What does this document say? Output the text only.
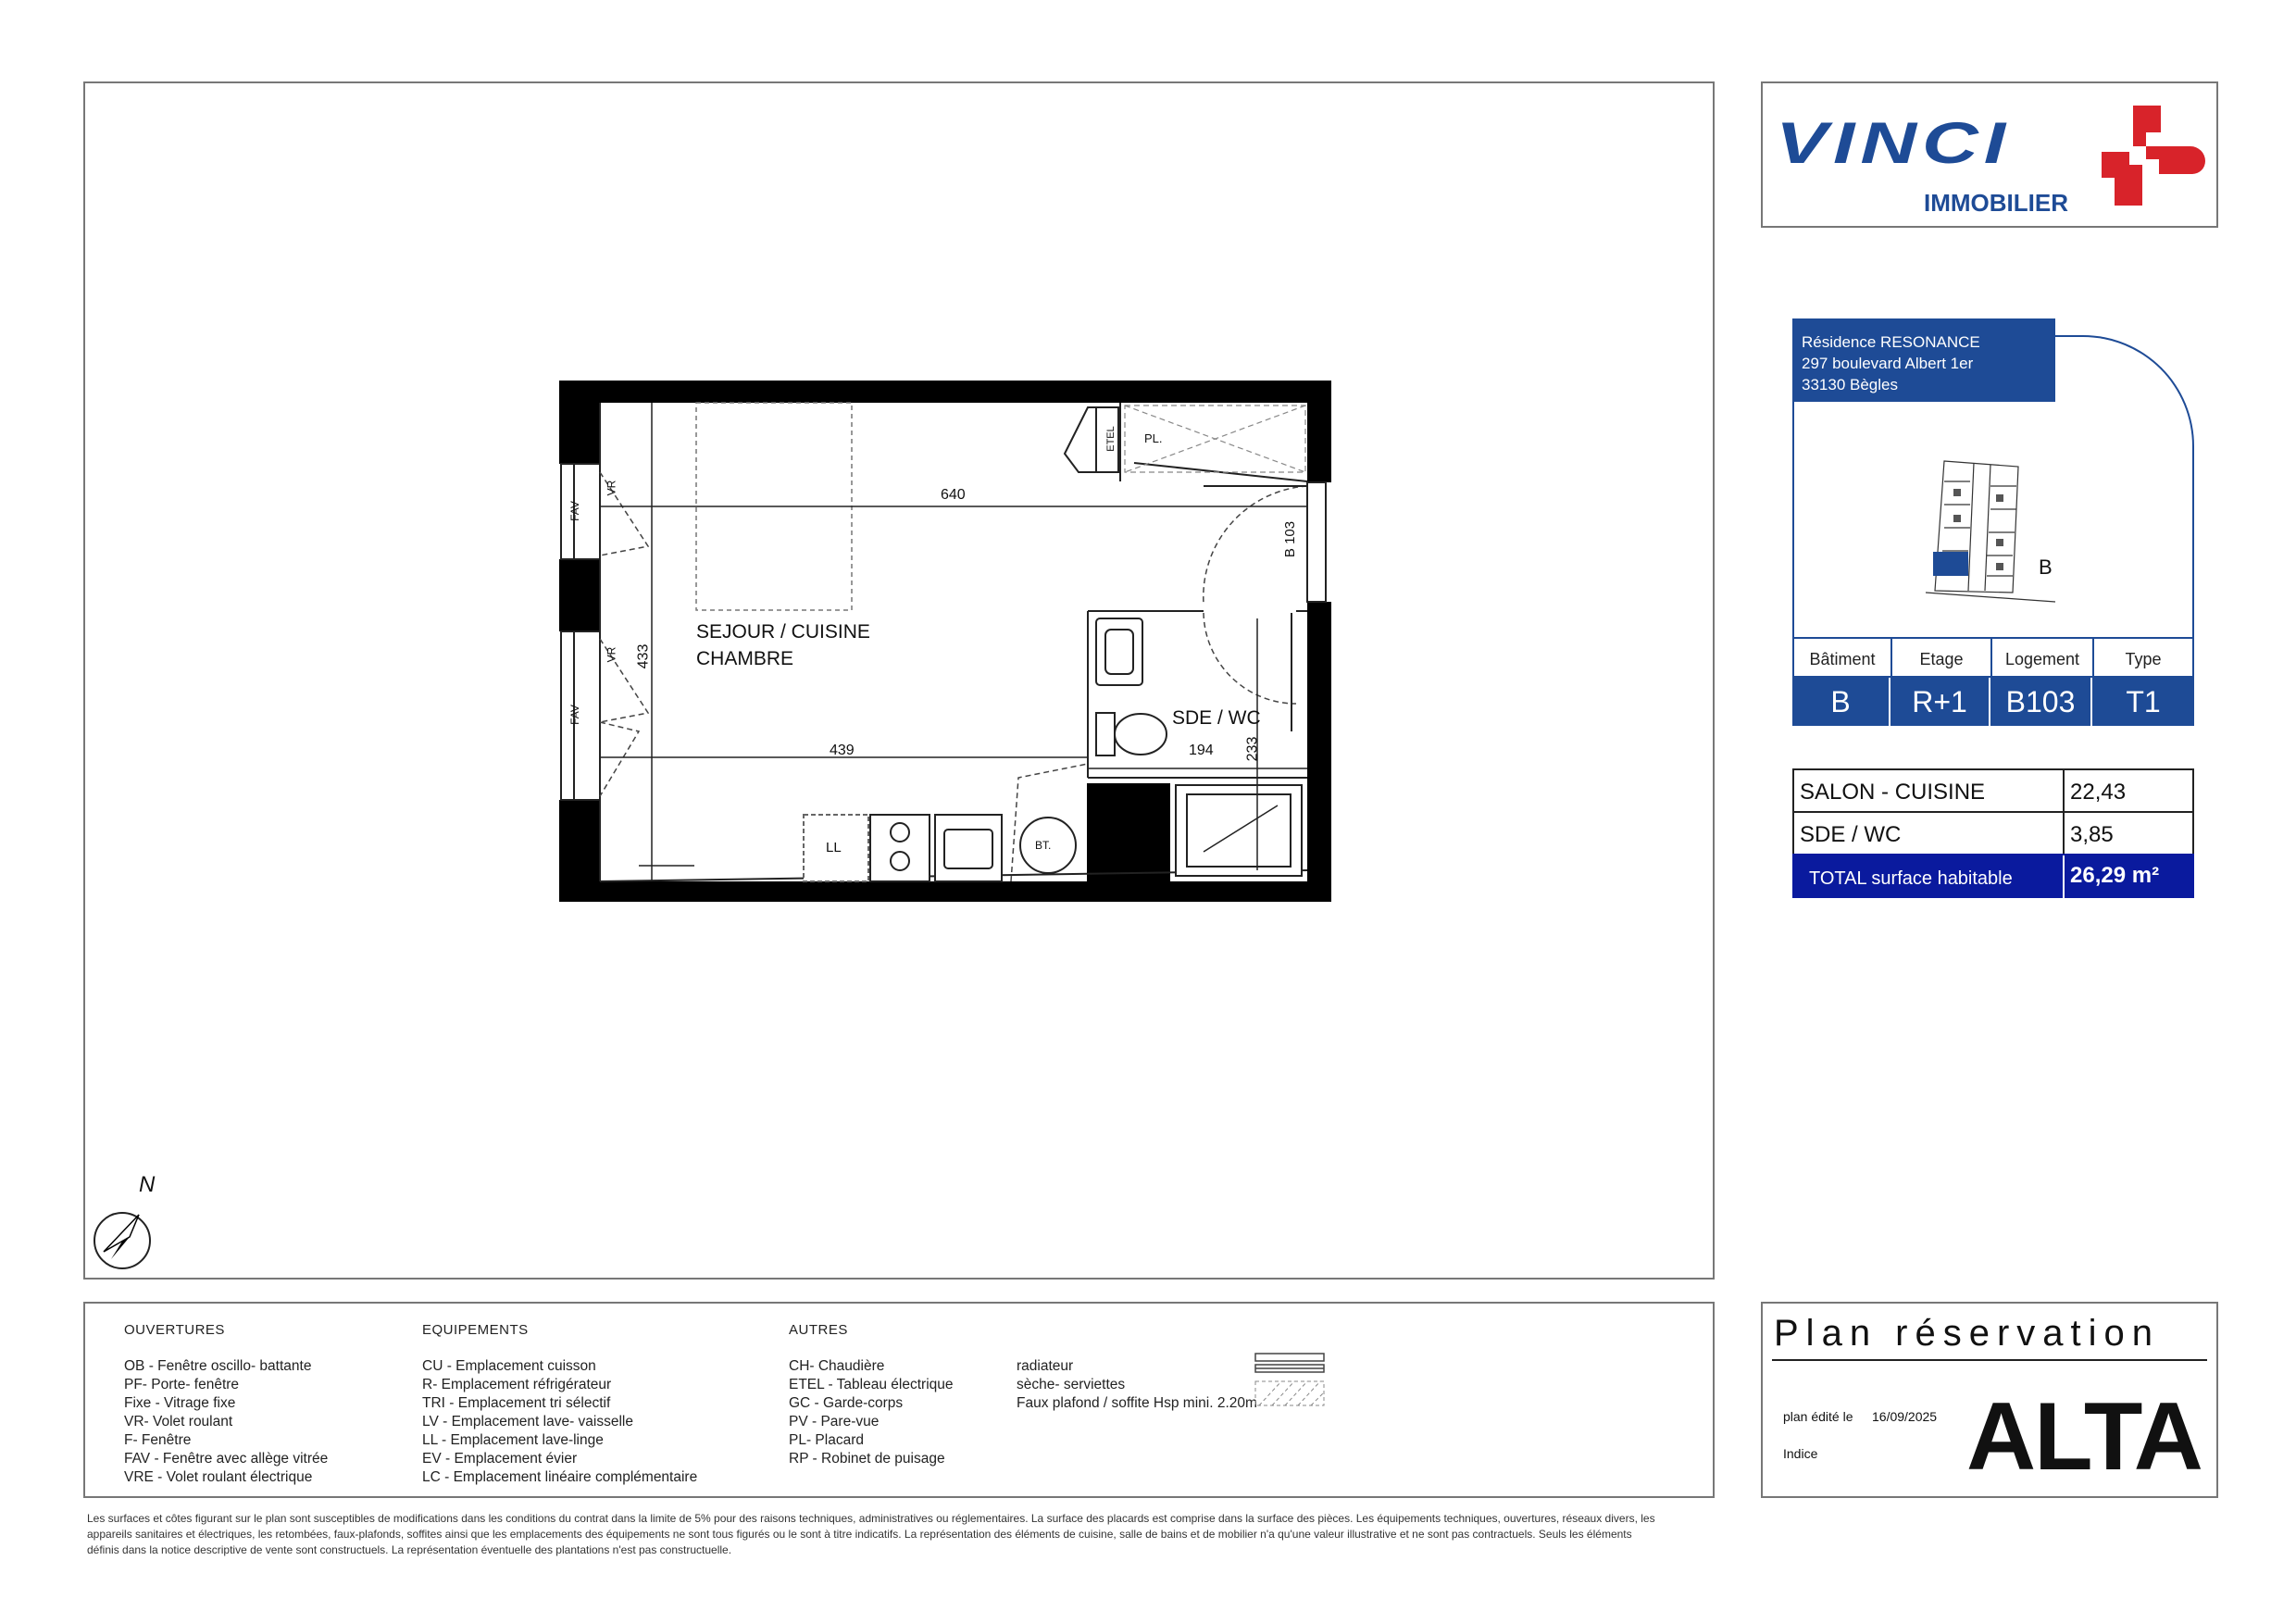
SEJOUR / CUISINE
CHAMBRE
SDE / WC
640
439	194
433
233
B 103
ETEL PL.
LL	BT.
FAV
VR
FAV
VR
N
VINCI
IMMOBILIER
Résidence RESONANCE
297 boulevard Albert 1er
33130 Bègles
B
Bâtiment	Etage	Logement	Type
B	R+1	B103	T1
SALON - CUISINE	22,43
SDE / WC	3,85
TOTAL surface habitable	26,29 m²
OUVERTURES
OB - Fenêtre oscillo- battante
PF- Porte- fenêtre
Fixe - Vitrage fixe
VR- Volet roulant
F- Fenêtre
FAV - Fenêtre avec allège vitrée
VRE - Volet roulant électrique
EQUIPEMENTS
CU - Emplacement cuisson
R- Emplacement réfrigérateur
TRI - Emplacement tri sélectif
LV - Emplacement lave- vaisselle
LL - Emplacement lave-linge
EV - Emplacement évier
LC - Emplacement linéaire complémentaire
AUTRES
CH- Chaudière
ETEL - Tableau électrique
GC - Garde-corps
PV - Pare-vue
PL- Placard
RP - Robinet de puisage
radiateur
sèche- serviettes
Faux plafond / soffite Hsp mini. 2.20m
Plan réservation
plan édité le 16/09/2025
Indice ALTA
Les surfaces et côtes figurant sur le plan sont susceptibles de modifications dans les conditions du contrat dans la limite de 5% pour des raisons techniques, administratives ou réglementaires. La surface des placards est comprise dans la surface des pièces. Les équipements techniques, ouvertures, réseaux divers, les appareils sanitaires et électriques, les retombées, faux-plafonds, soffites ainsi que les emplacements des équipements ne sont tous figurés ou le sont à titre indicatifs. La représentation des éléments de cuisine, salle de bains et de mobilier n'a qu'une valeur illustrative et ne sont pas contractuels. Seuls les éléments définis dans la notice descriptive de vente sont constructuels. La représentation éventuelle des plantations n'est pas constructuelle.
